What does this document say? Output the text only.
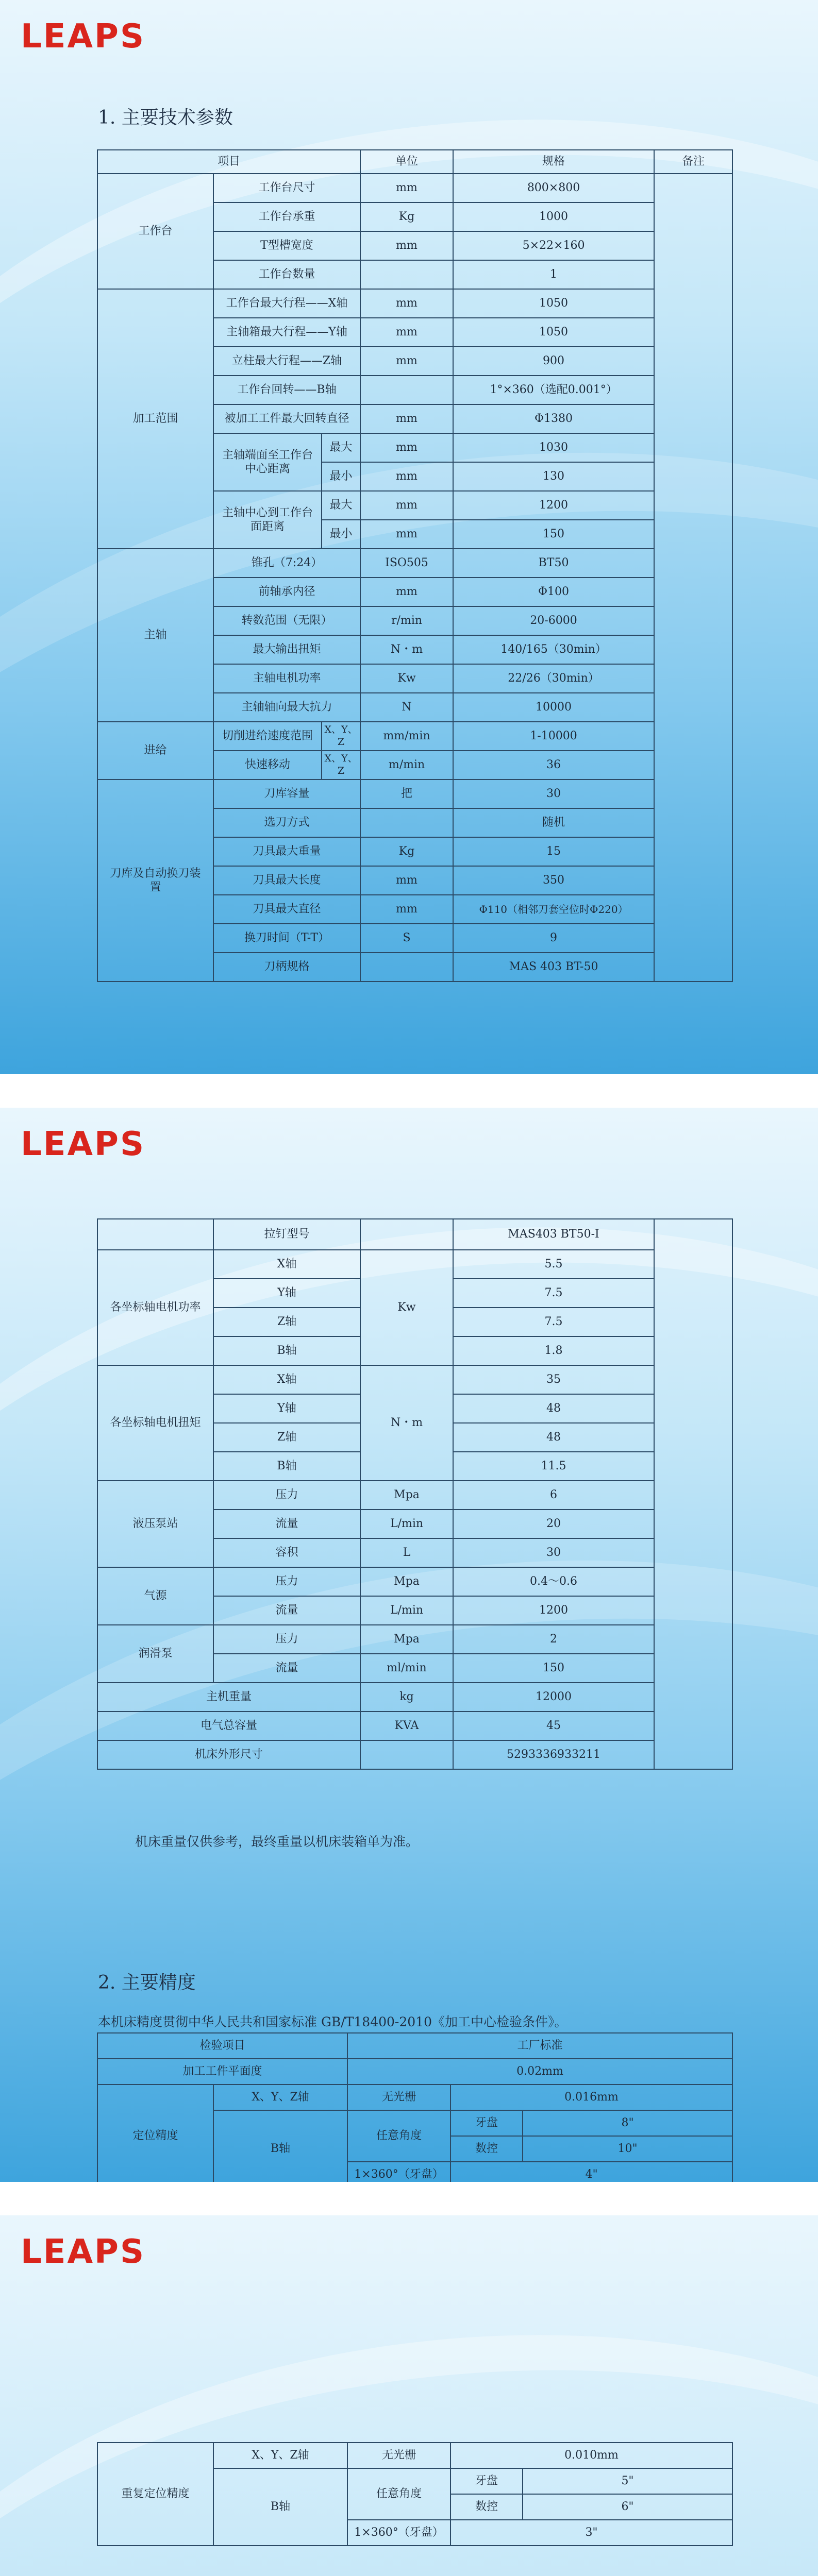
LEAPS
1. 主要技术参数
项目			单位	规格	备注
工作台	工作台尺寸		mm	800×800	
	工作台承重		Kg	1000	
	T型槽宽度		mm	5×22×160	
	工作台数量			1	
加工范围	工作台最大行程——X轴		mm	1050	
	主轴箱最大行程——Y轴		mm	1050	
	立柱最大行程——Z轴		mm	900	
	工作台回转——B轴			1°×360（选配0.001°）	
	被加工工件最大回转直径		mm	Φ1380	
	主轴端面至工作台中心距离	最大	mm	1030	
		最小	mm	130	
	主轴中心到工作台面距离	最大	mm	1200	
		最小	mm	150	
主轴	锥孔（7:24）		ISO505	BT50	
	前轴承内径		mm	Φ100	
	转数范围（无限）		r/min	20-6000	
	最大输出扭矩		N・m	140/165（30min）	
	主轴电机功率		Kw	22/26（30min）	
	主轴轴向最大抗力		N	10000	
进给	切削进给速度范围	X、Y、Z	mm/min	1-10000	
	快速移动	X、Y、Z	m/min	36	
刀库及自动换刀装置	刀库容量		把	30	
	选刀方式			随机	
	刀具最大重量		Kg	15	
	刀具最大长度		mm	350	
	刀具最大直径		mm	Φ110（相邻刀套空位时Φ220）	
	换刀时间（T-T）		S	9	
	刀柄规格			MAS 403 BT-50	
LEAPS
	拉钉型号		MAS403 BT50-I	
各坐标轴电机功率	X轴	Kw	5.5	
	Y轴		7.5	
	Z轴		7.5	
	B轴		1.8	
各坐标轴电机扭矩	X轴	N・m	35	
	Y轴		48	
	Z轴		48	
	B轴		11.5	
液压泵站	压力	Mpa	6	
	流量	L/min	20	
	容积	L	30	
气源	压力	Mpa	0.4～0.6	
	流量	L/min	1200	
润滑泵	压力	Mpa	2	
	流量	ml/min	150	
主机重量		kg	12000	
电气总容量		KVA	45	
机床外形尺寸			5293336933211	
机床重量仅供参考，最终重量以机床装箱单为准。
2. 主要精度
本机床精度贯彻中华人民共和国家标准 GB/T18400-2010《加工中心检验条件》。
检验项目		工厂标准		
加工工件平面度		0.02mm		
定位精度	X、Y、Z轴	无光栅	0.016mm	
	B轴	任意角度	牙盘	8"
			数控	10"
		1×360°（牙盘）	4"	
LEAPS
重复定位精度	X、Y、Z轴	无光栅	0.010mm	
	B轴	任意角度	牙盘	5"
			数控	6"
		1×360°（牙盘）	3"	
